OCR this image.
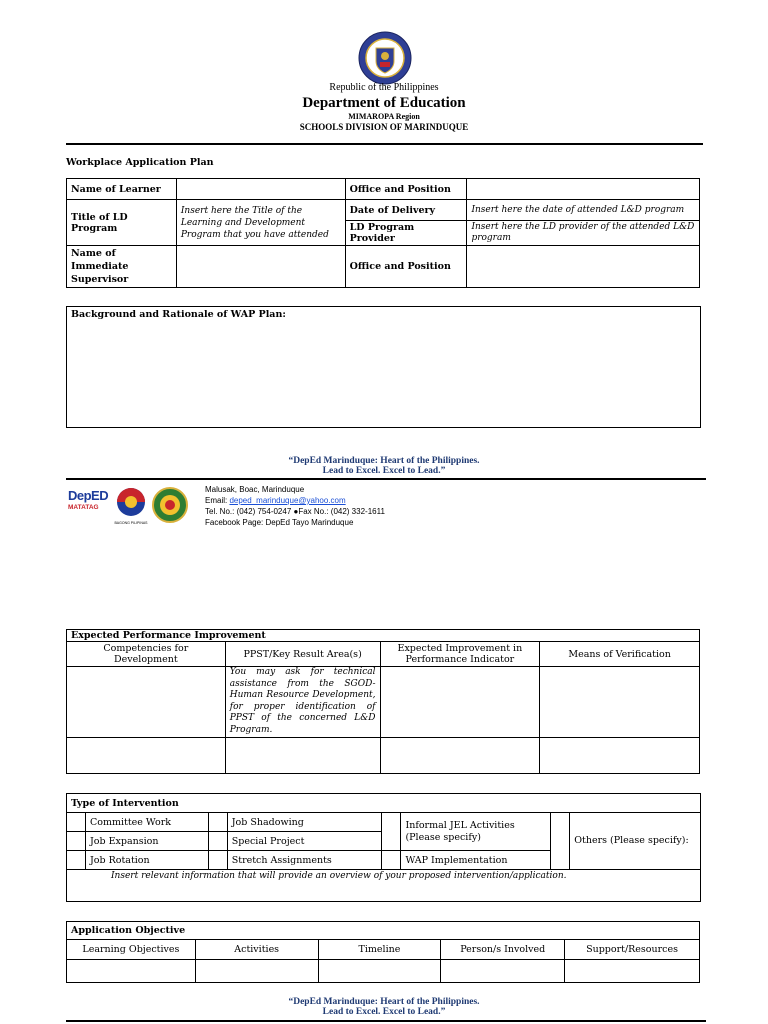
Republic of the Philippines
Department of Education
MIMAROPA Region
SCHOOLS DIVISION OF MARINDUQUE
Workplace Application Plan
Name of Learner		Office and Position	
Title of LD Program	Insert here the Title of the Learning and Development Program that you have attended	Date of Delivery	Insert here the date of attended L&D program
		LD Program Provider	Insert here the LD provider of the attended L&D program
Name of Immediate Supervisor		Office and Position	
Background and Rationale of WAP Plan:
“DepEd Marinduque: Heart of the Philippines.
Lead to Excel. Excel to Lead.”
DepED
MATATAG
BAGONG PILIPINAS
Malusak, Boac, Marinduque
Email: deped_marinduque@yahoo.com
Tel. No.: (042) 754-0247 ●Fax No.: (042) 332-1611
Facebook Page: DepEd Tayo Marinduque
Expected Performance Improvement			
Competencies for Development	PPST/Key Result Area(s)	Expected Improvement in Performance Indicator	Means of Verification
	You may ask for technical assistance from the SGOD- Human Resource Development, for proper identification of PPST of the concerned L&D Program.		

Type of Intervention							
	Committee Work		Job Shadowing		Informal JEL Activities (Please specify)		Others (Please specify):
	Job Expansion		Special Project				
	Job Rotation		Stretch Assignments		WAP Implementation		
Insert relevant information that will provide an overview of your proposed intervention/application.							
Application Objective				
Learning Objectives	Activities	Timeline	Person/s Involved	Support/Resources

“DepEd Marinduque: Heart of the Philippines.
Lead to Excel. Excel to Lead.”
